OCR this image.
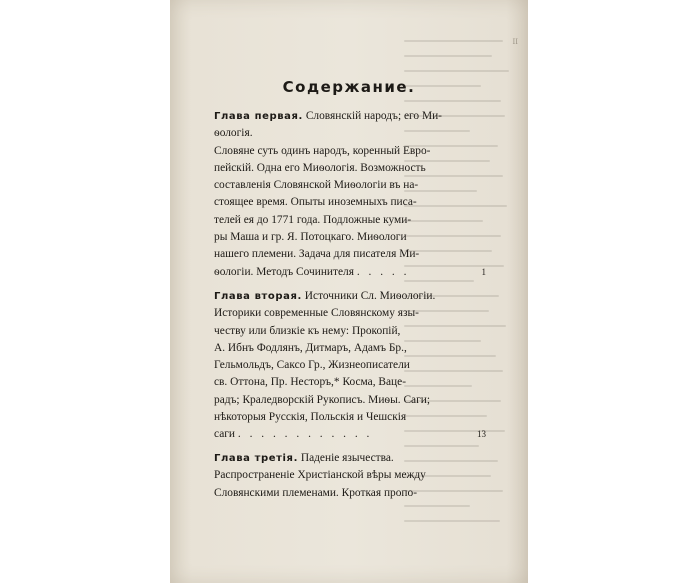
II
Содержание.
Глава первая. Словянскій народъ; его Ми-
ѳологія.
Словяне суть одинъ народъ, коренный Евро-
пейскій. Одна его Миѳологія. Возможность
составленія Словянской Миѳологіи въ на-
стоящее время. Опыты иноземныхъ писа-
телей ея до 1771 года. Подложные куми-
ры Маша и гр. Я. Потоцкаго. Миѳологи
нашего племени. Задача для писателя Ми-
ѳологіи. Методъ Сочинителя . . . . .	1
Глава вторая. Источники Сл. Миѳологіи.
Историки современные Словянскому язы-
честву или близкіе къ нему: Прокопій,
А. Ибнъ Фодлянъ, Дитмаръ, Адамъ Бр.,
Гельмольдъ, Саксо Гр., Жизнеописатели
св. Оттона, Пр. Несторъ,* Косма, Ваце-
радъ; Краледворскій Рукописъ. Миѳы. Саги;
нѣкоторыя Русскія, Польскія и Чешскія
саги . . . . . . . . . . . .	13
Глава третія. Паденіе язычества.
Распространеніе Христіанской вѣры между
Словянскими племенами. Кроткая пропо-
